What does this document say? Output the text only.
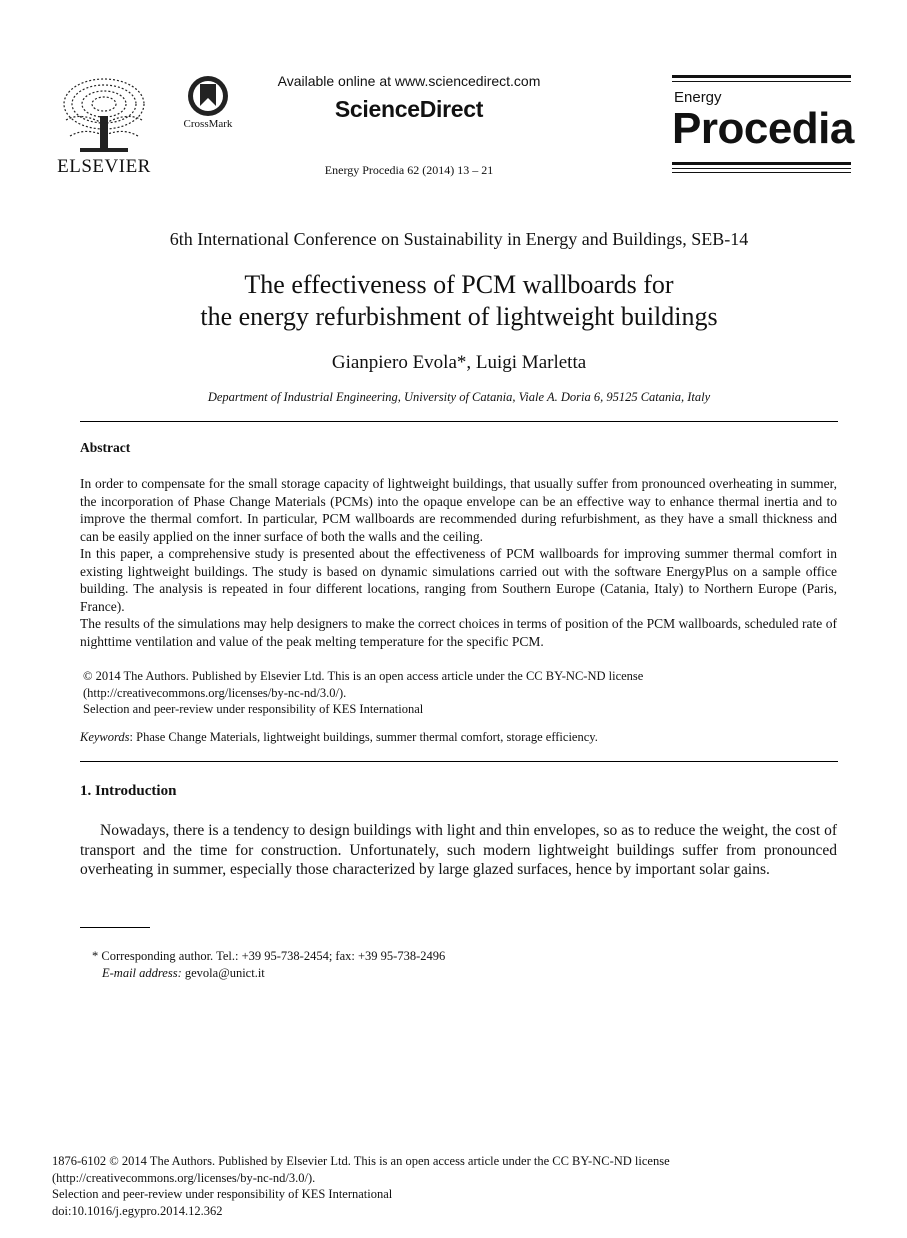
ELSEVIER
CrossMark
Available online at www.sciencedirect.com
ScienceDirect
Energy Procedia 62 (2014) 13 – 21
Energy
Procedia
6th International Conference on Sustainability in Energy and Buildings, SEB-14
The effectiveness of PCM wallboards for
the energy refurbishment of lightweight buildings
Gianpiero Evola*, Luigi Marletta
Department of Industrial Engineering, University of Catania, Viale A. Doria 6, 95125 Catania, Italy
Abstract

In order to compensate for the small storage capacity of lightweight buildings, that usually suffer from pronounced overheating in summer, the incorporation of Phase Change Materials (PCMs) into the opaque envelope can be an effective way to enhance thermal inertia and to improve the thermal comfort. In particular, PCM wallboards are recommended during refurbishment, as they have a small thickness and can be easily applied on the inner surface of both the walls and the ceiling.

In this paper, a comprehensive study is presented about the effectiveness of PCM wallboards for improving summer thermal comfort in existing lightweight buildings. The study is based on dynamic simulations carried out with the software EnergyPlus on a sample office building. The analysis is repeated in four different locations, ranging from Southern Europe (Catania, Italy) to Northern Europe (Paris, France).

The results of the simulations may help designers to make the correct choices in terms of position of the PCM wallboards, scheduled rate of nighttime ventilation and value of the peak melting temperature for the specific PCM.

© 2014 The Authors. Published by Elsevier Ltd. This is an open access article under the CC BY-NC-ND license
(http://creativecommons.org/licenses/by-nc-nd/3.0/).
Selection and peer-review under responsibility of KES International
Keywords: Phase Change Materials, lightweight buildings, summer thermal comfort, storage efficiency.
1. Introduction

Nowadays, there is a tendency to design buildings with light and thin envelopes, so as to reduce the weight, the cost of transport and the time for construction. Unfortunately, such modern lightweight buildings suffer from pronounced overheating in summer, especially those characterized by large glazed surfaces, hence by important solar gains.

* Corresponding author. Tel.: +39 95-738-2454; fax: +39 95-738-2496
E-mail address: gevola@unict.it
1876-6102 © 2014 The Authors. Published by Elsevier Ltd. This is an open access article under the CC BY-NC-ND license
(http://creativecommons.org/licenses/by-nc-nd/3.0/).
Selection and peer-review under responsibility of KES International
doi:10.1016/j.egypro.2014.12.362
